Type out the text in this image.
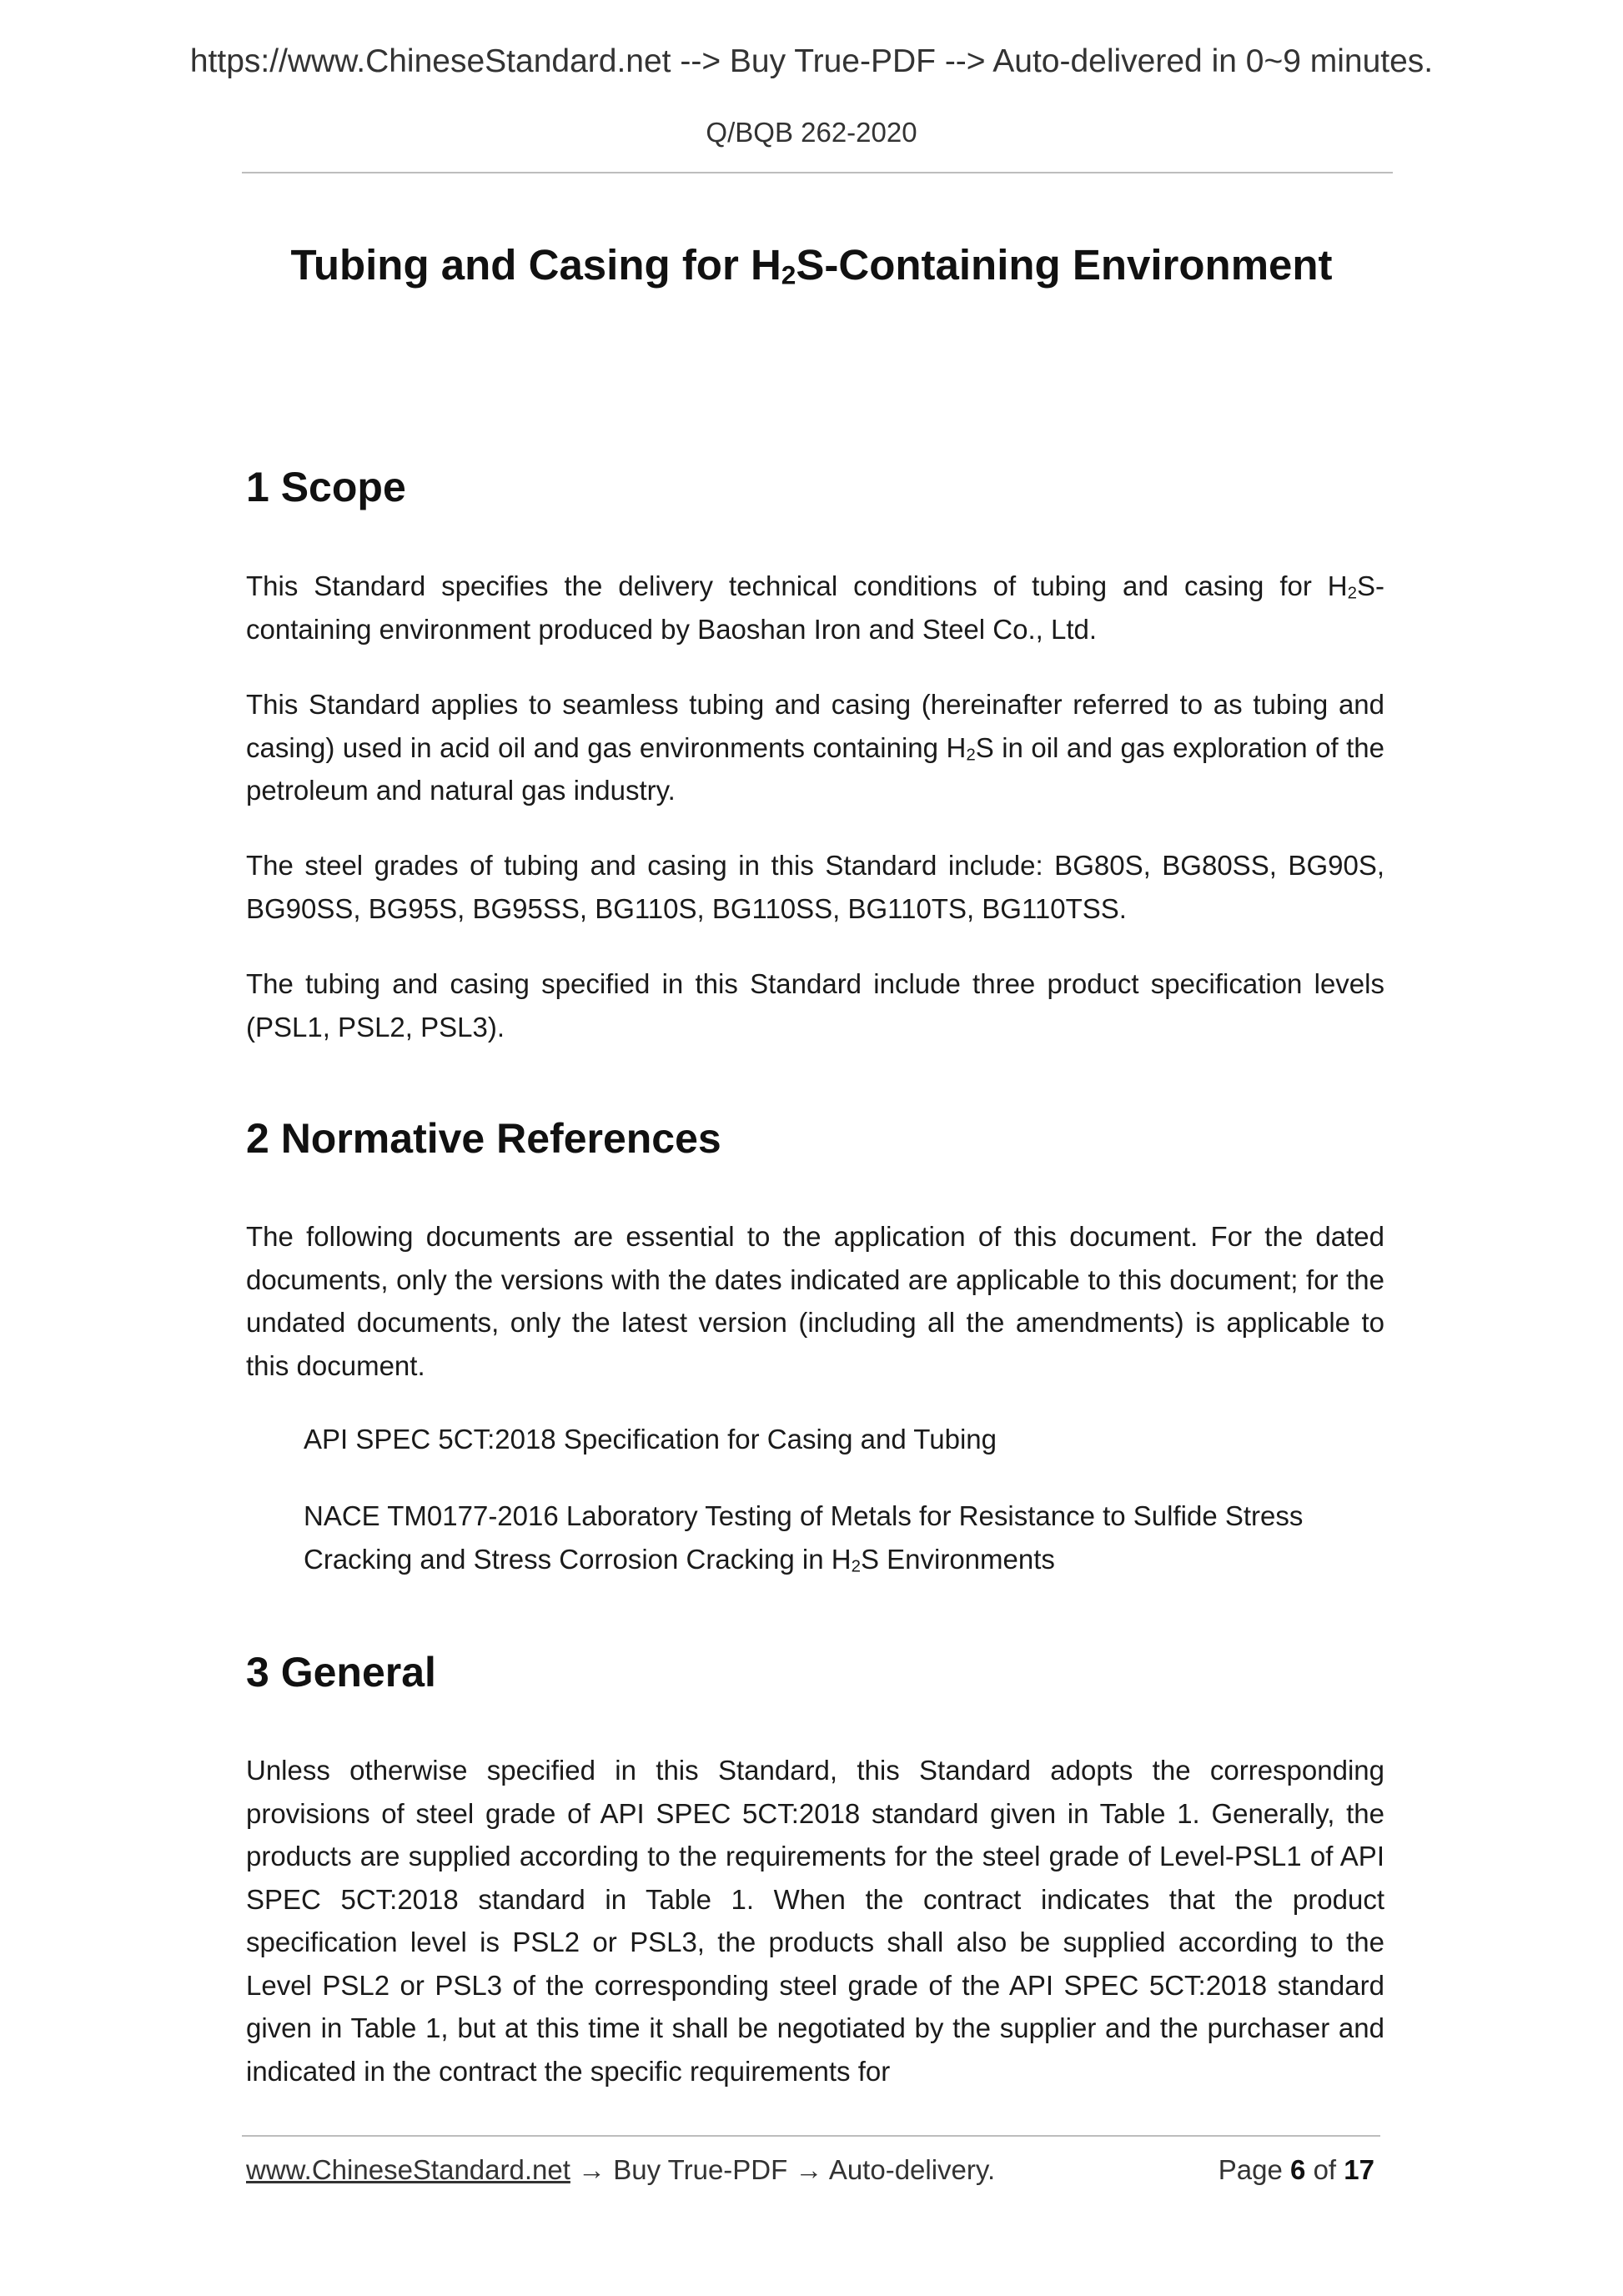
https://www.ChineseStandard.net --> Buy True-PDF --> Auto-delivered in 0~9 minutes.
Q/BQB 262-2020
Tubing and Casing for $H_2S$-Containing Environment
1 Scope
This Standard specifies the delivery technical conditions of tubing and casing for $H_2S$-containing environment produced by Baoshan Iron and Steel Co., Ltd.
This Standard applies to seamless tubing and casing (hereinafter referred to as tubing and casing) used in acid oil and gas environments containing $H_2S$ in oil and gas exploration of the petroleum and natural gas industry.
The steel grades of tubing and casing in this Standard include: BG80S, BG80SS, BG90S, BG90SS, BG95S, BG95SS, BG110S, BG110SS, BG110TS, BG110TSS.
The tubing and casing specified in this Standard include three product specification levels (PSL1, PSL2, PSL3).
2 Normative References
The following documents are essential to the application of this document. For the dated documents, only the versions with the dates indicated are applicable to this document; for the undated documents, only the latest version (including all the amendments) is applicable to this document.
API SPEC 5CT:2018 Specification for Casing and Tubing
NACE TM0177-2016 Laboratory Testing of Metals for Resistance to Sulfide Stress Cracking and Stress Corrosion Cracking in $H_2S$ Environments
3 General
Unless otherwise specified in this Standard, this Standard adopts the corresponding provisions of steel grade of API SPEC 5CT:2018 standard given in Table 1. Generally, the products are supplied according to the requirements for the steel grade of Level-PSL1 of API SPEC 5CT:2018 standard in Table 1. When the contract indicates that the product specification level is PSL2 or PSL3, the products shall also be supplied according to the Level PSL2 or PSL3 of the corresponding steel grade of the API SPEC 5CT:2018 standard given in Table 1, but at this time it shall be negotiated by the supplier and the purchaser and indicated in the contract the specific requirements for
www.ChineseStandard.net → Buy True-PDF → Auto-delivery.	Page 6 of 17
